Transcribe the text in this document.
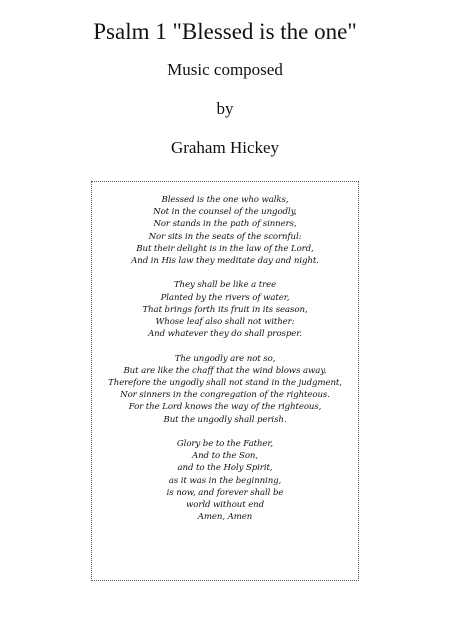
Psalm 1 "Blessed is the one"
Music composed
by
Graham Hickey
Blessed is the one who walks,
Not in the counsel of the ungodly,
Nor stands in the path of sinners,
Nor sits in the seats of the scornful:
But their delight is in the law of the Lord,
And in His law they meditate day and night.
They shall be like a tree
Planted by the rivers of water,
That brings forth its fruit in its season,
Whose leaf also shall not wither:
And whatever they do shall prosper.
The ungodly are not so,
But are like the chaff that the wind blows away.
Therefore the ungodly shall not stand in the judgment,
Nor sinners in the congregation of the righteous.
For the Lord knows the way of the righteous,
But the ungodly shall perish.
Glory be to the Father,
And to the Son,
and to the Holy Spirit,
as it was in the beginning,
is now, and forever shall be
world without end
Amen, Amen
